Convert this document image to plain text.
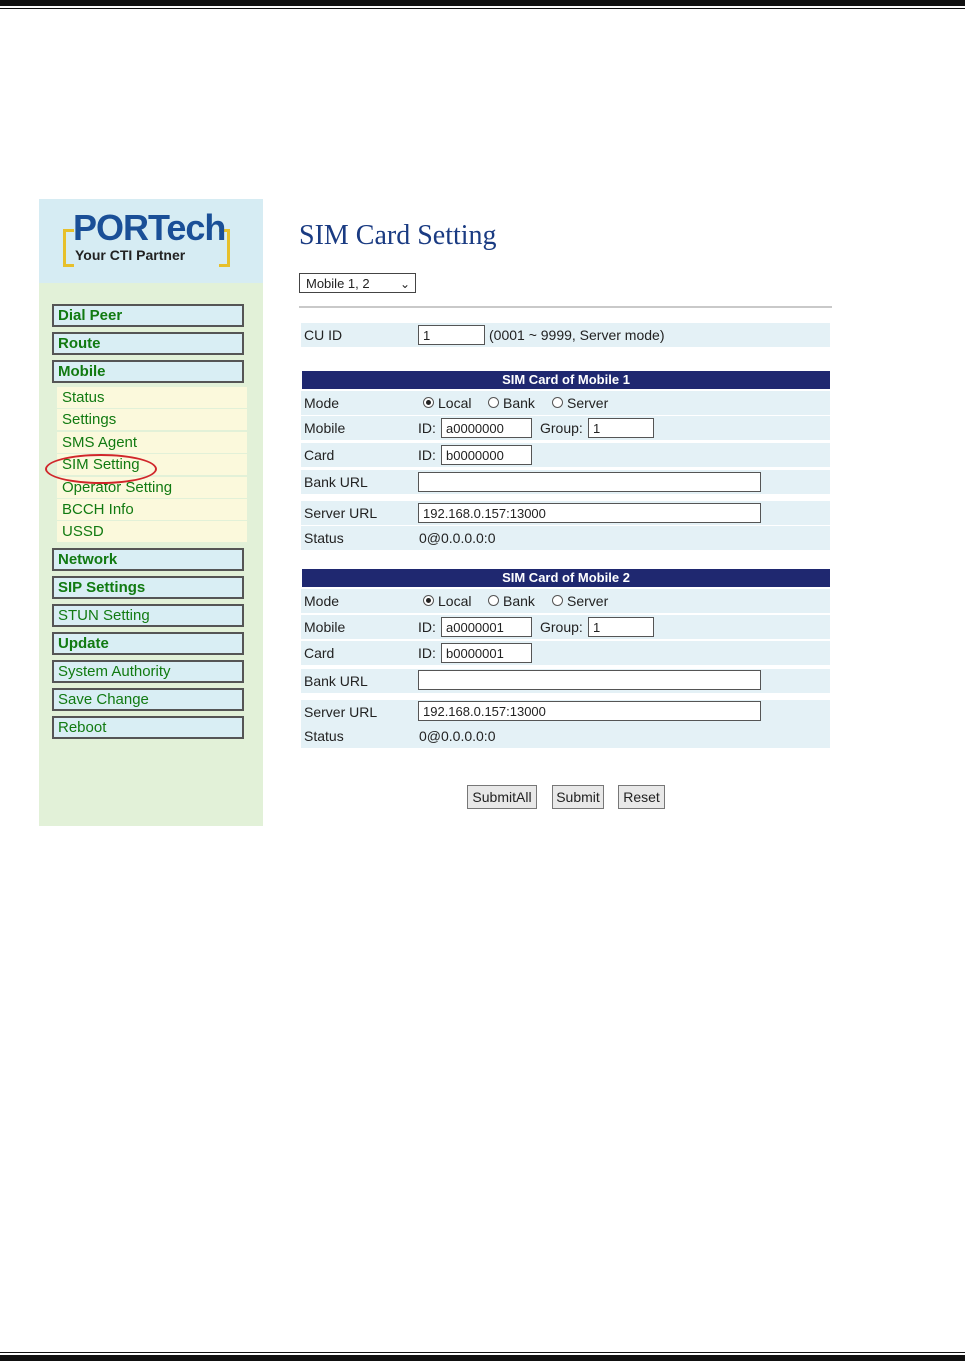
PORTech
Your CTI Partner
Dial Peer
Route
Mobile
Status
Settings
SMS Agent
SIM Setting
Operator Setting
BCCH Info
USSD
Network
SIP Settings
STUN Setting
Update
System Authority
Save Change
Reboot
SIM Card Setting
Mobile 1, 2	⌄
CU ID	1	(0001 ~ 9999, Server mode)
SIM Card of Mobile 1
Mode	Local Bank Server
Mobile	ID: a0000000	Group: 1
Card	ID: b0000000
Bank URL
Server URL	192.168.0.157:13000
Status	0@0.0.0.0:0
SIM Card of Mobile 2
Mode	Local Bank Server
Mobile	ID: a0000001	Group: 1
Card	ID: b0000001
Bank URL
Server URL	192.168.0.157:13000
Status	0@0.0.0.0:0
SubmitAll	Submit	Reset
